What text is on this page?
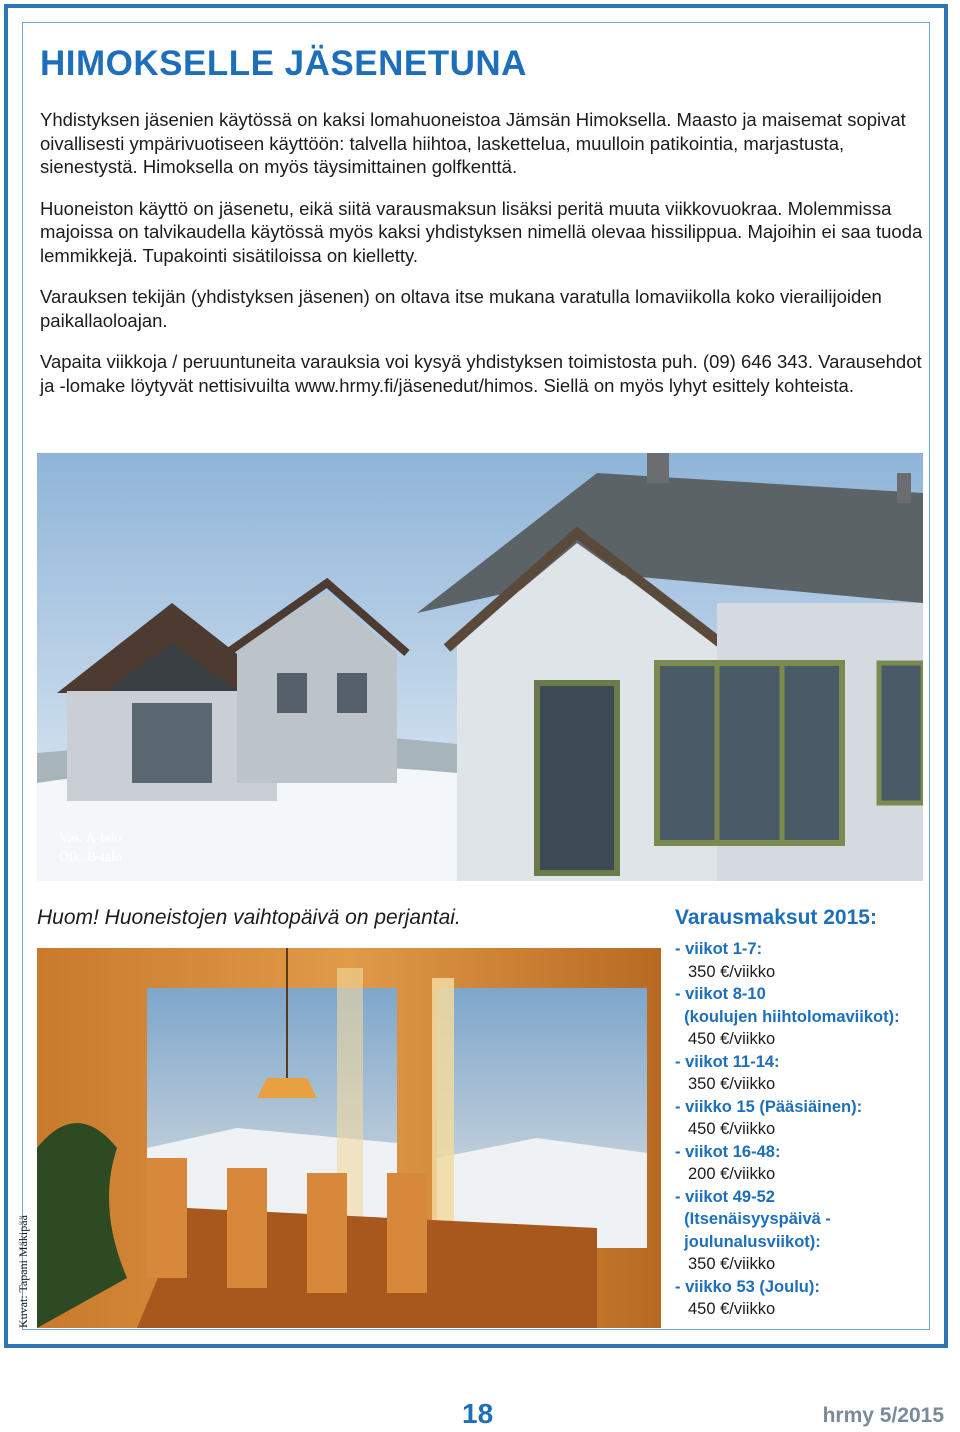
HIMOKSELLE JÄSENETUNA

Yhdistyksen jäsenien käytössä on kaksi lomahuoneistoa Jämsän Himoksella. Maasto ja maisemat sopivat oivallisesti ympärivuotiseen käyttöön: talvella hiihtoa, laskettelua, muulloin patikointia, marjastusta, sienestystä. Himoksella on myös täysimittainen golfkenttä.

Huoneiston käyttö on jäsenetu, eikä siitä varausmaksun lisäksi peritä muuta viikkovuokraa. Molemmissa majoissa on talvikaudella käytössä myös kaksi yhdistyksen nimellä olevaa hissilippua. Majoihin ei saa tuoda lemmikkejä. Tupakointi sisätiloissa on kielletty.

Varauksen tekijän (yhdistyksen jäsenen) on oltava itse mukana varatulla lomaviikolla koko vierailijoiden paikallaoloajan.

Vapaita viikkoja / peruuntuneita varauksia voi kysyä yhdistyksen toimistosta puh. (09) 646 343. Varausehdot ja -lomake löytyvät nettisivuilta www.hrmy.fi/jäsenedut/himos. Siellä on myös lyhyt esittely kohteista.

Vas. A-talo
Oik. B-talo
Huom! Huoneistojen vaihtopäivä on perjantai.
Kuvat: Tapani Mäkipää
Varausmaksut 2015:
- viikot 1-7:
350 €/viikko
- viikot 8-10
(koulujen hiihtolomaviikot):
450 €/viikko
- viikot 11-14:
350 €/viikko
- viikko 15 (Pääsiäinen):
450 €/viikko
- viikot 16-48:
200 €/viikko
- viikot 49-52
(Itsenäisyyspäivä -
joulunalusviikot):
350 €/viikko
- viikko 53 (Joulu):
450 €/viikko
18	hrmy 5/2015
